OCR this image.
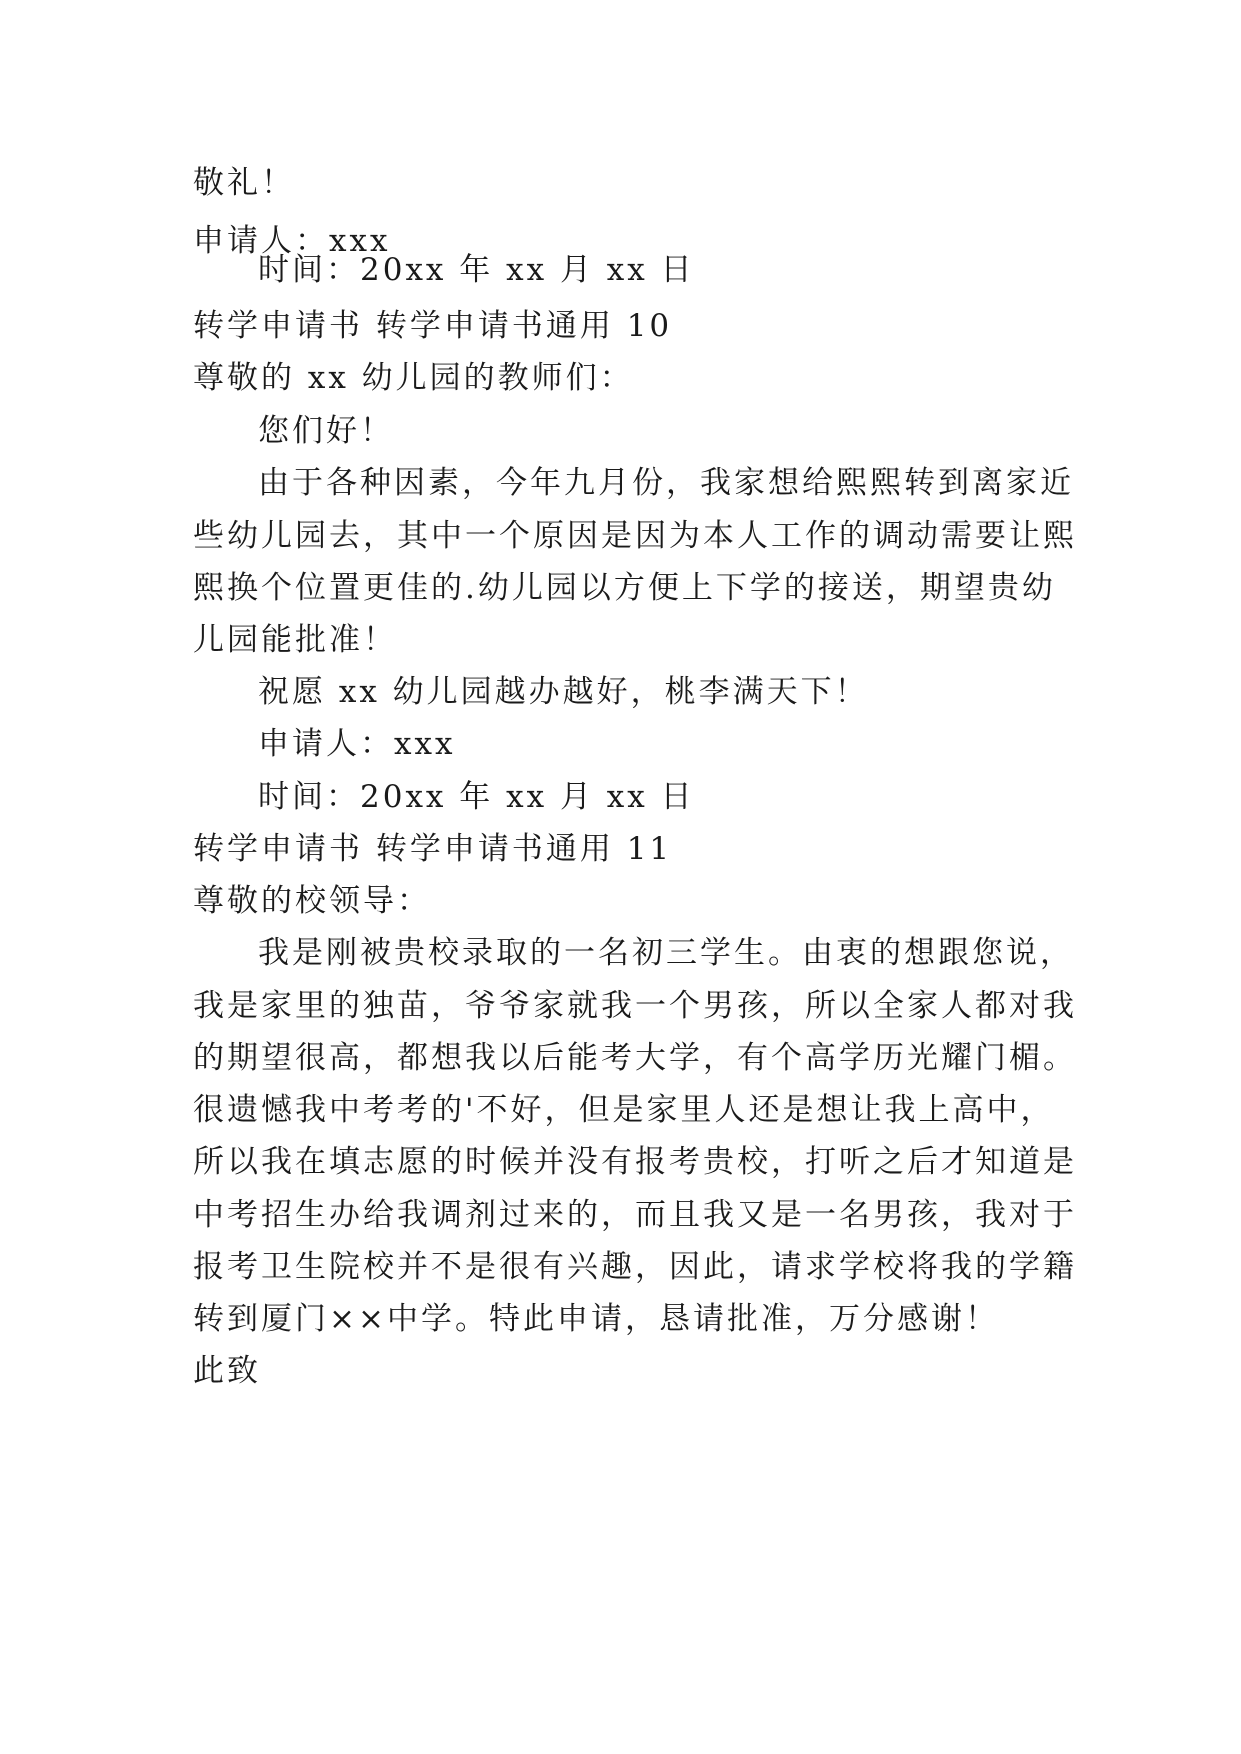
敬礼！
申请人：xxx
时间：20xx 年 xx 月 xx 日
转学申请书 转学申请书通用 10
尊敬的 xx 幼儿园的教师们：
您们好！
由于各种因素，今年九月份，我家想给熙熙转到离家近
些幼儿园去，其中一个原因是因为本人工作的调动需要让熙
熙换个位置更佳的.幼儿园以方便上下学的接送，期望贵幼
儿园能批准！
祝愿 xx 幼儿园越办越好，桃李满天下！
申请人：xxx
时间：20xx 年 xx 月 xx 日
转学申请书 转学申请书通用 11
尊敬的校领导：
我是刚被贵校录取的一名初三学生。由衷的想跟您说，
我是家里的独苗，爷爷家就我一个男孩，所以全家人都对我
的期望很高，都想我以后能考大学，有个高学历光耀门楣。
很遗憾我中考考的'不好，但是家里人还是想让我上高中，
所以我在填志愿的时候并没有报考贵校，打听之后才知道是
中考招生办给我调剂过来的，而且我又是一名男孩，我对于
报考卫生院校并不是很有兴趣，因此，请求学校将我的学籍
转到厦门××中学。特此申请，恳请批准，万分感谢！
此致
